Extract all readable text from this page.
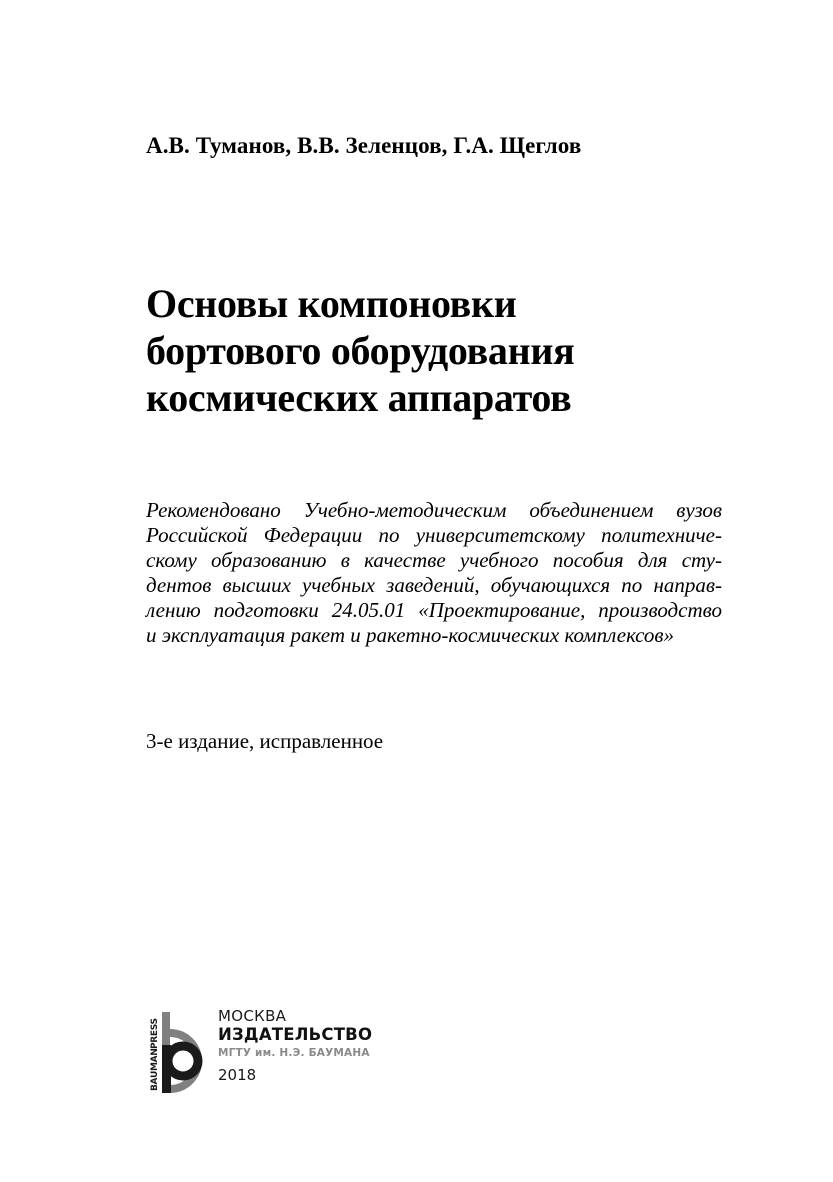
А.В. Туманов, В.В. Зеленцов, Г.А. Щеглов
Основы компоновки
бортового оборудования
космических аппаратов
Рекомендовано Учебно-методическим объединением вузов
Российской Федерации по университетскому политехниче-
скому образованию в качестве учебного пособия для сту-
дентов высших учебных заведений, обучающихся по направ-
лению подготовки 24.05.01 «Проектирование, производство
и эксплуатация ракет и ракетно-космических комплексов»
3-е издание, исправленное
BAUMAN
PRESS
МОСКВА
ИЗДАТЕЛЬСТВО
МГТУ им. Н.Э. БАУМАНА
2018
